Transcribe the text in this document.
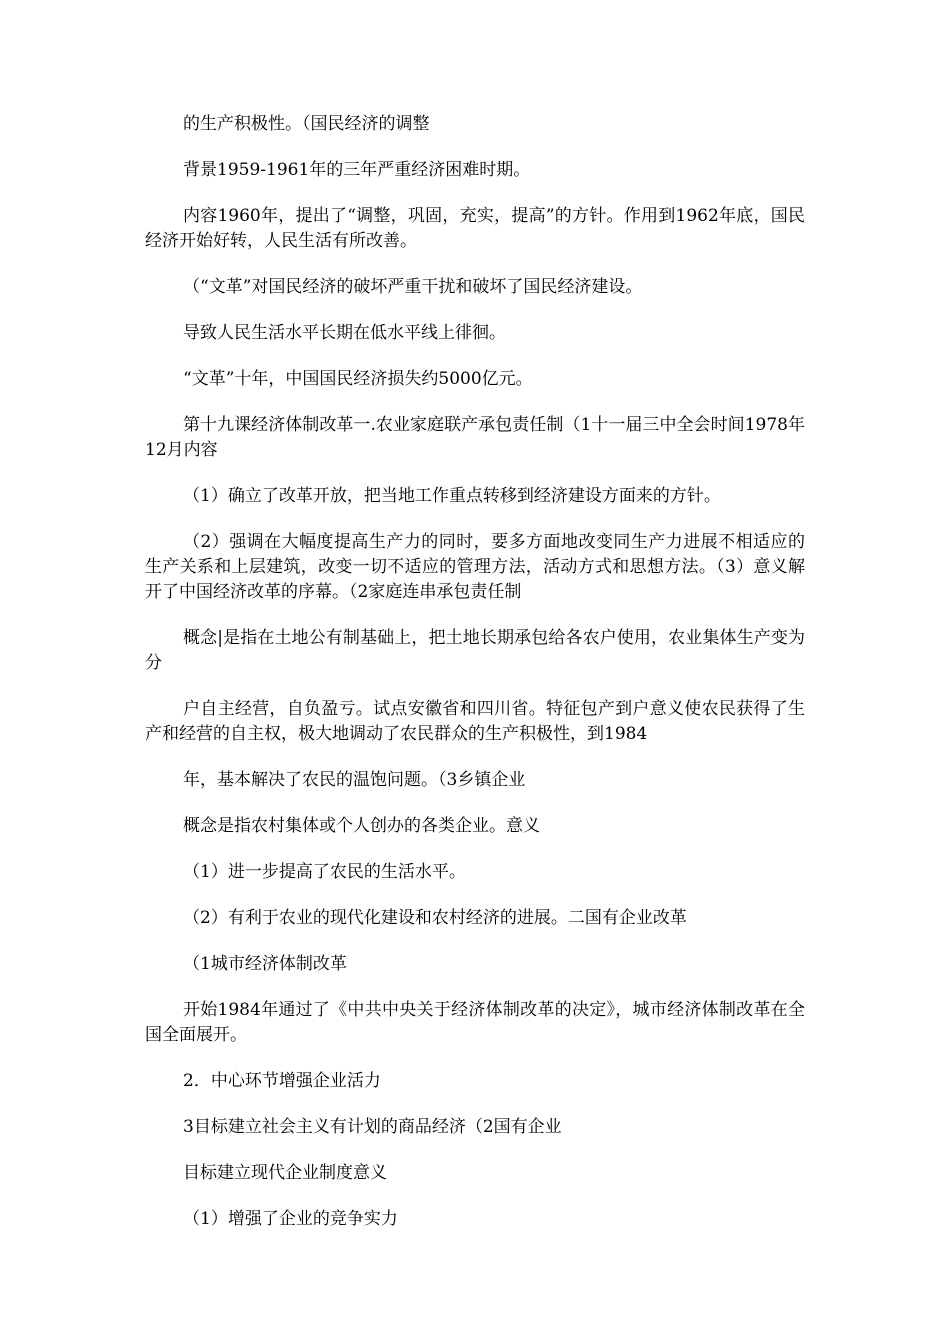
的生产积极性。（国民经济的调整

背景1959-1961年的三年严重经济困难时期。

内容1960年，提出了“调整，巩固，充实，提高”的方针。作用到1962年底，国民经济开始好转，人民生活有所改善。

（“文革”对国民经济的破坏严重干扰和破坏了国民经济建设。

导致人民生活水平长期在低水平线上徘徊。

“文革”十年，中国国民经济损失约5000亿元。

第十九课经济体制改革一.农业家庭联产承包责任制（1十一届三中全会时间1978年12月内容

（1）确立了改革开放，把当地工作重点转移到经济建设方面来的方针。

（2）强调在大幅度提高生产力的同时，要多方面地改变同生产力进展不相适应的生产关系和上层建筑，改变一切不适应的管理方法，活动方式和思想方法。（3）意义解开了中国经济改革的序幕。（2家庭连串承包责任制

概念|是指在土地公有制基础上，把土地长期承包给各农户使用，农业集体生产变为分

户自主经营，自负盈亏。试点安徽省和四川省。特征包产到户意义使农民获得了生产和经营的自主权，极大地调动了农民群众的生产积极性，到1984

年，基本解决了农民的温饱问题。（3乡镇企业

概念是指农村集体或个人创办的各类企业。意义

（1）进一步提高了农民的生活水平。

（2）有利于农业的现代化建设和农村经济的进展。二国有企业改革

（1城市经济体制改革

开始1984年通过了《中共中央关于经济体制改革的决定》，城市经济体制改革在全国全面展开。

2．中心环节增强企业活力

3目标建立社会主义有计划的商品经济（2国有企业

目标建立现代企业制度意义

（1）增强了企业的竞争实力
